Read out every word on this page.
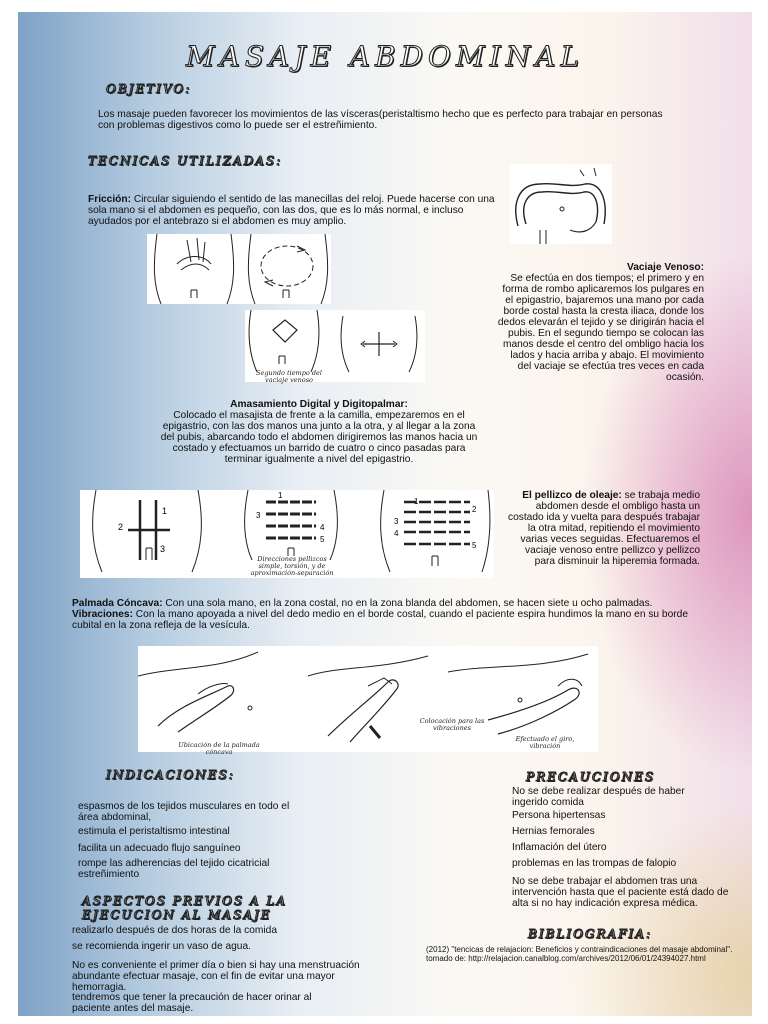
MASAJE ABDOMINAL
OBJETIVO:
Los masaje pueden favorecer los movimientos de las vísceras(peristaltismo hecho que es perfecto para trabajar en personas con problemas digestivos como lo puede ser el estreñimiento.
TECNICAS UTILIZADAS:
Fricción: Circular siguiendo el sentido de las manecillas del reloj. Puede hacerse con una sola mano si el abdomen es pequeño, con las dos, que es lo más normal, e incluso ayudados por el antebrazo si el abdomen es muy amplio.
Segundo tiempo del vaciaje venoso
Vaciaje Venoso:
Se efectúa en dos tiempos; el primero y en forma de rombo aplicaremos los pulgares en el epigastrio, bajaremos una mano por cada borde costal hasta la cresta iliaca, donde los dedos elevarán el tejido y se dirigirán hacia el pubis. En el segundo tiempo se colocan las manos desde el centro del ombligo hacia los lados y hacia arriba y abajo. El movimiento del vaciaje se efectúa tres veces en cada ocasión.
Amasamiento Digital y Digitopalmar:
Colocado el masajista de frente a la camilla, empezaremos en el epigastrio, con las dos manos una junto a la otra, y al llegar a la zona del pubis, abarcando todo el abdomen dirigiremos las manos hacia un costado y efectuamos un barrido de cuatro o cinco pasadas para terminar igualmente a nivel del epigastrio.
2
1
3
1
3
4
5
1
2
3
4
5
Direcciones pellizcos simple, torsión, y de aproximación-separación
El pellizco de oleaje: se trabaja medio abdomen desde el ombligo hasta un costado ida y vuelta para después trabajar la otra mitad, repitiendo el movimiento varias veces seguidas. Efectuaremos el vaciaje venoso entre pellizco y pellizco para disminuir la hiperemia formada.
Palmada Cóncava: Con una sola mano, en la zona costal, no en la zona blanda del abdomen, se hacen siete u ocho palmadas.
Vibraciones: Con la mano apoyada a nivel del dedo medio en el borde costal, cuando el paciente espira hundimos la mano en su borde cubital en la zona refleja de la vesícula.
Ubicación de la palmada cóncava
Colocación para las vibraciones
Efectuado el giro, vibración
INDICACIONES:
espasmos de los tejidos musculares en todo el área abdominal,
estimula el peristaltismo intestinal
facilita un adecuado flujo sanguíneo
rompe las adherencias del tejido cicatricial estreñimiento
ASPECTOS PREVIOS A LA EJECUCION AL MASAJE
realizarlo después de dos horas de la comida
se recomienda ingerir un vaso de agua.
No es conveniente el primer día o bien si hay una menstruación abundante efectuar masaje, con el fin de evitar una mayor hemorragia.
tendremos que tener la precaución de hacer orinar al paciente antes del masaje.
PRECAUCIONES
No se debe realizar después de haber ingerido comida
Persona hipertensas
Hernias femorales
Inflamación del útero
problemas en las trompas de falopio
No se debe trabajar el abdomen tras una intervención hasta que el paciente está dado de alta si no hay indicación expresa médica.
BIBLIOGRAFIA:
(2012) "tencicas de relajacion: Beneficios y contraindicaciones del masaje abdominal". tomado de: http://relajacion.canalblog.com/archives/2012/06/01/24394027.html
